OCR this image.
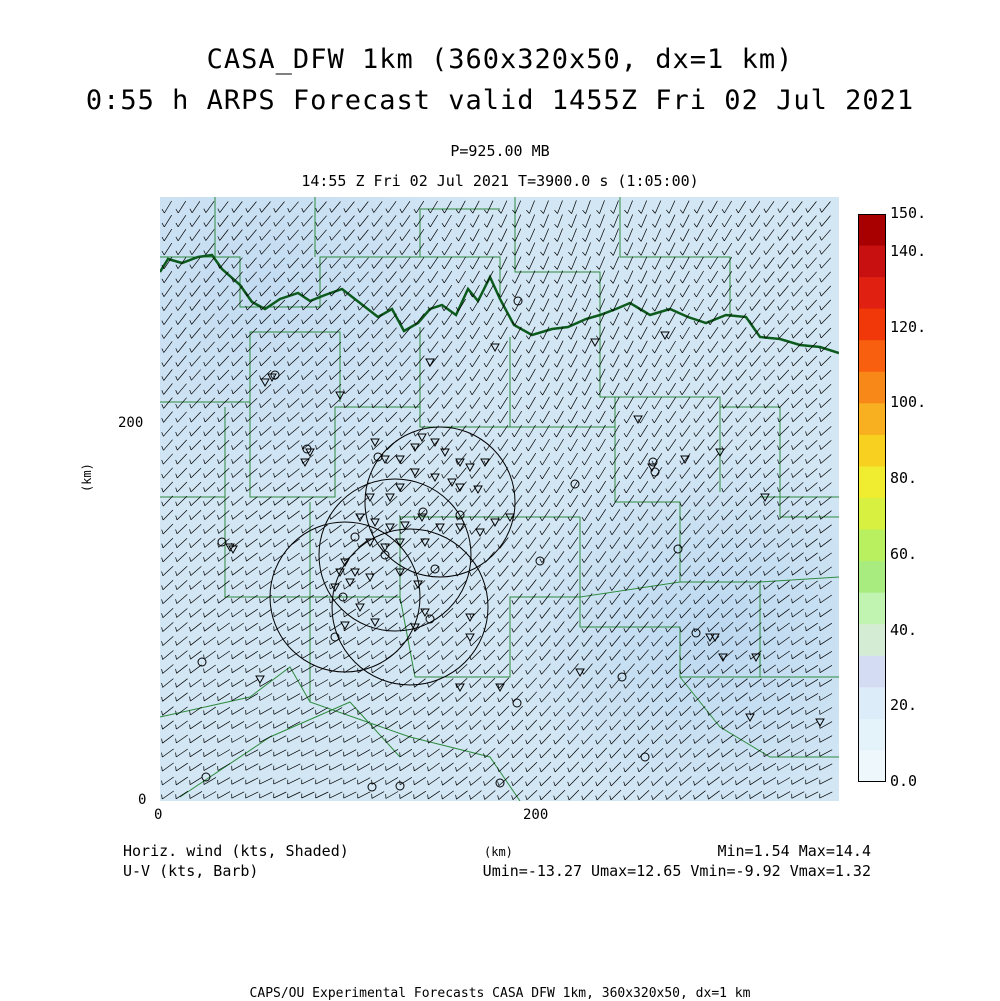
CASA_DFW 1km (360x320x50, dx=1 km)
0:55 h ARPS Forecast valid 1455Z Fri 02 Jul 2021
P=925.00 MB
14:55 Z Fri 02 Jul 2021 T=3900.0 s (1:05:00)
200
0
0	200
(km)
(km)
150.
140.
120.
100.
80.
60.
40.
20.
0.0
Horiz. wind (kts, Shaded)
U-V (kts, Barb)
Min=1.54 Max=14.4
Umin=-13.27 Umax=12.65 Vmin=-9.92 Vmax=1.32
CAPS/OU Experimental Forecasts CASA DFW 1km, 360x320x50, dx=1 km
